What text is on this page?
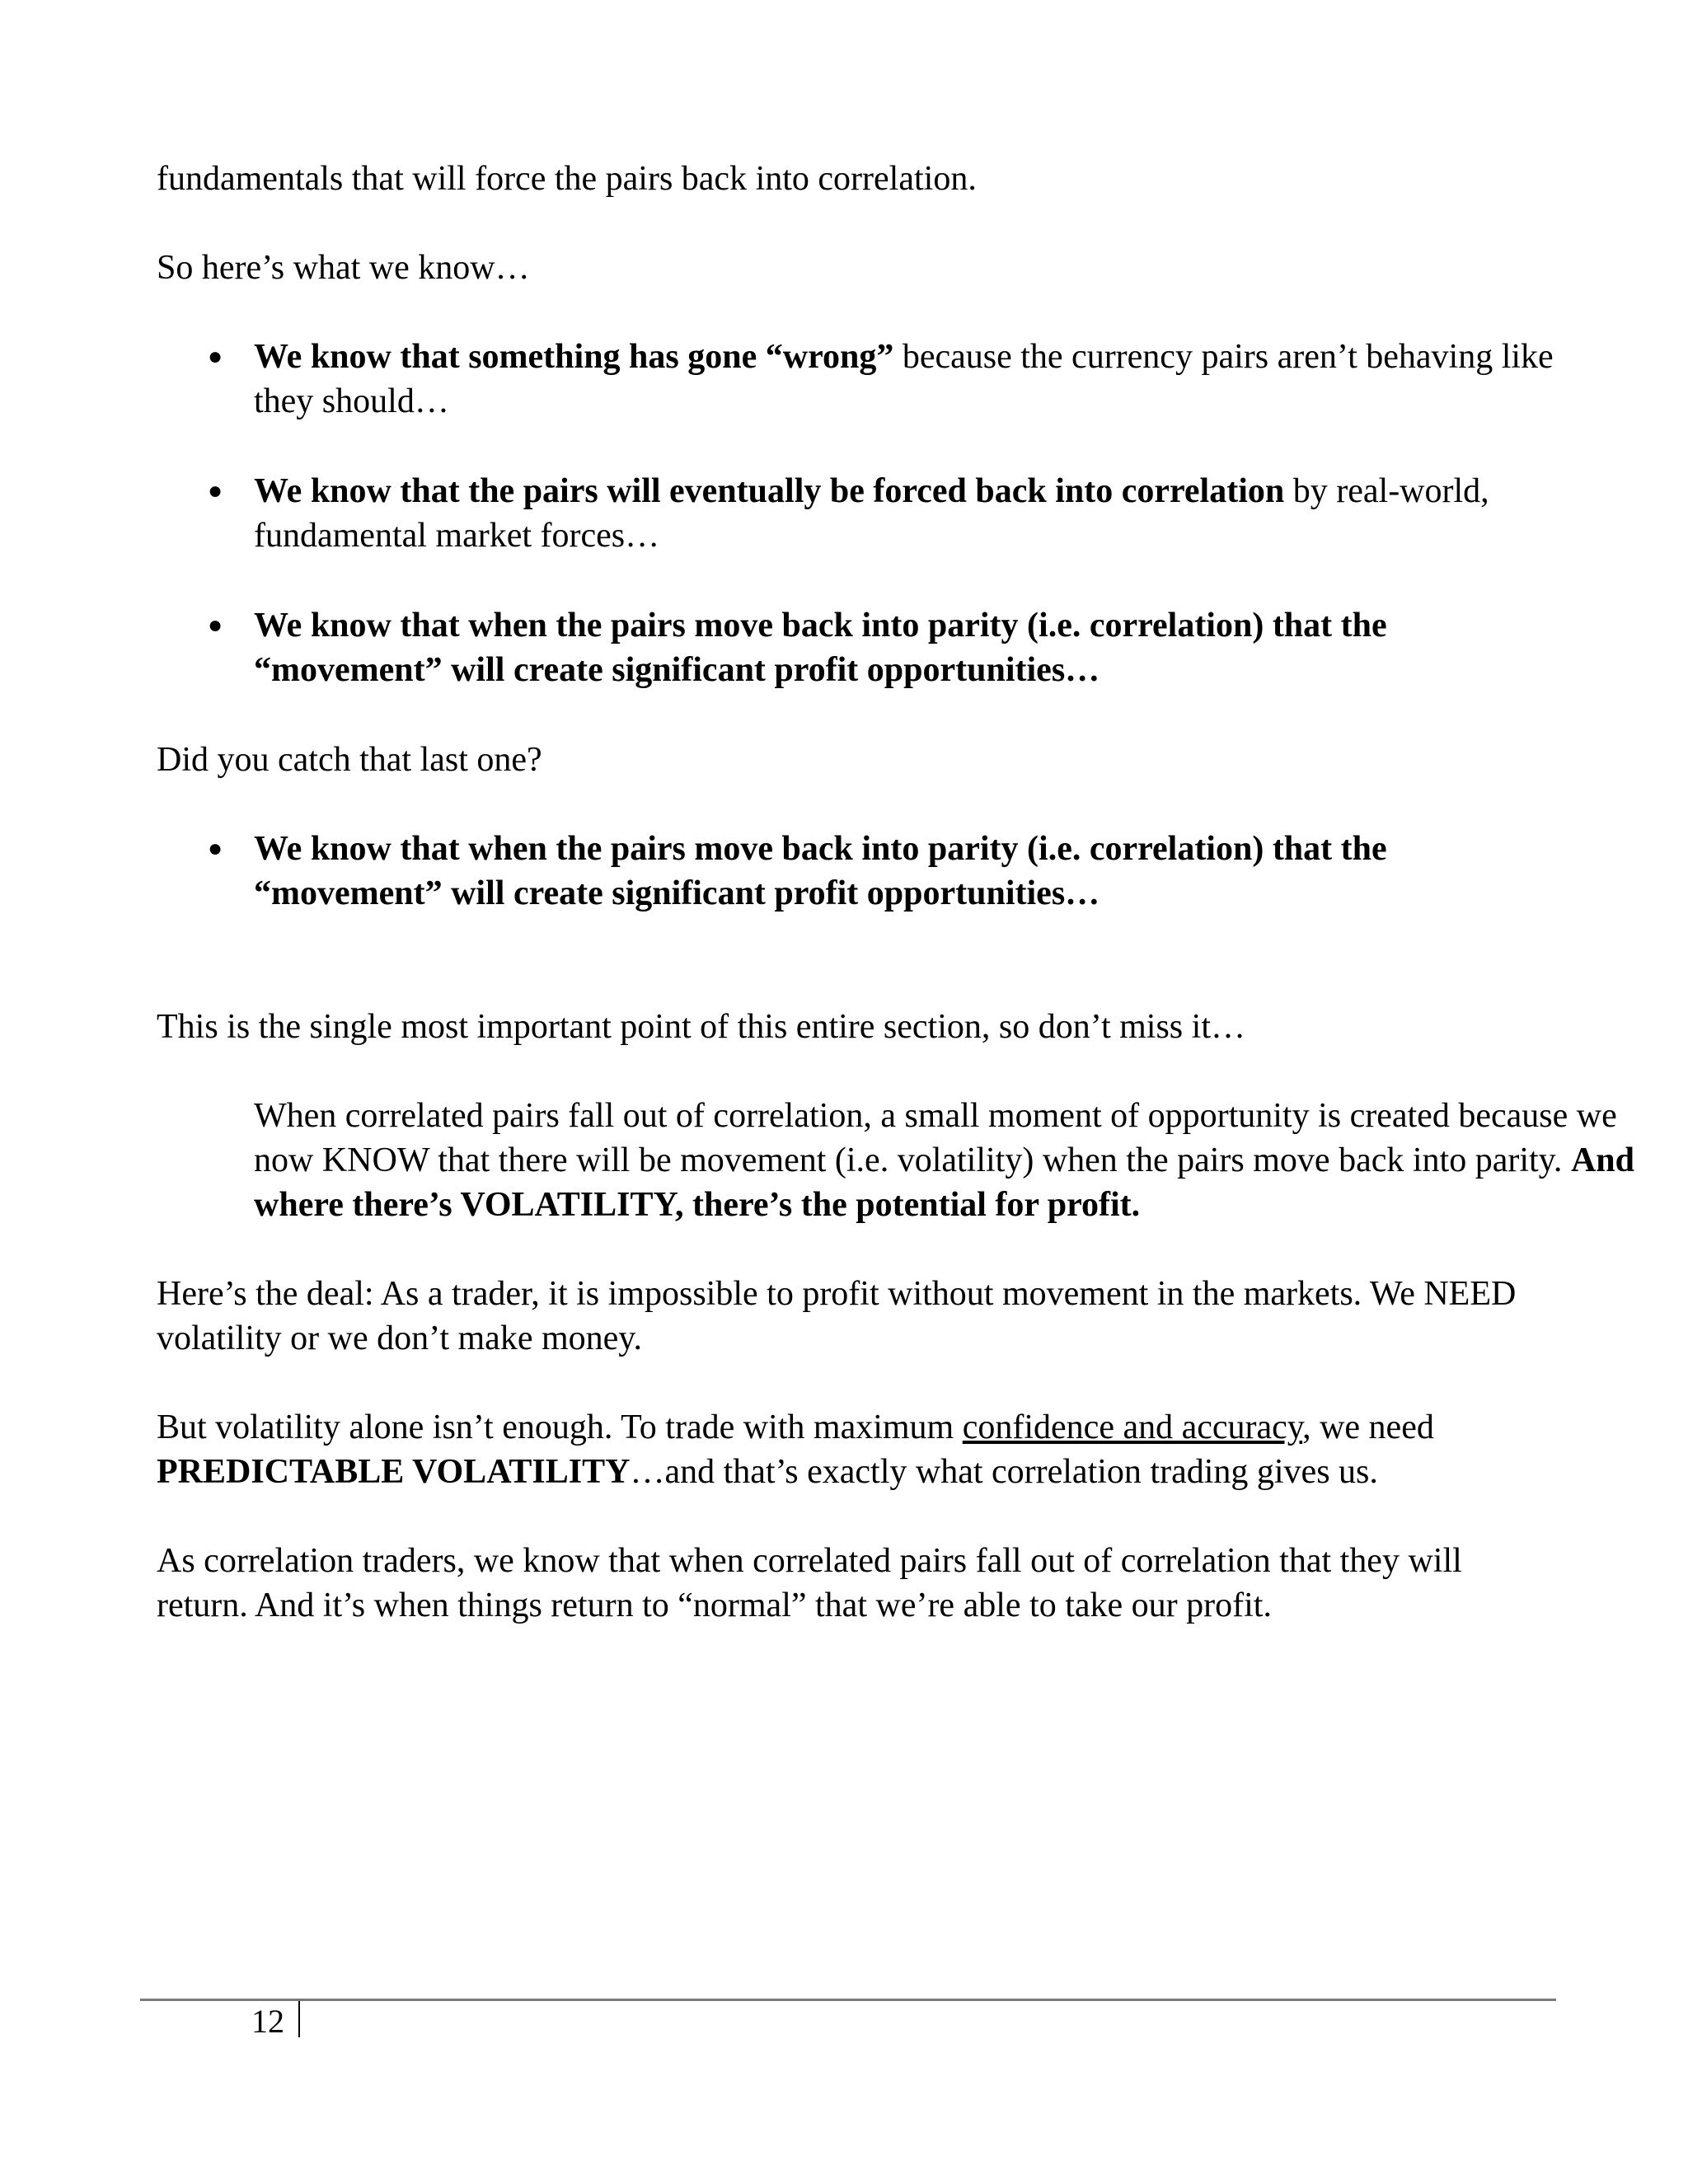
fundamentals that will force the pairs back into correlation.

So here’s what we know…

● We know that something has gone “wrong” because the currency pairs aren’t behaving like they should…
● We know that the pairs will eventually be forced back into correlation by real-world, fundamental market forces…
● We know that when the pairs move back into parity (i.e. correlation) that the “movement” will create significant profit opportunities…

Did you catch that last one?

● We know that when the pairs move back into parity (i.e. correlation) that the “movement” will create significant profit opportunities…

This is the single most important point of this entire section, so don’t miss it…

When correlated pairs fall out of correlation, a small moment of opportunity is created because we now KNOW that there will be movement (i.e. volatility) when the pairs move back into parity. And where there’s VOLATILITY, there’s the potential for profit.

Here’s the deal: As a trader, it is impossible to profit without movement in the markets. We NEED volatility or we don’t make money.

But volatility alone isn’t enough. To trade with maximum confidence and accuracy, we need PREDICTABLE VOLATILITY…and that’s exactly what correlation trading gives us.

As correlation traders, we know that when correlated pairs fall out of correlation that they will return. And it’s when things return to “normal” that we’re able to take our profit.

12
